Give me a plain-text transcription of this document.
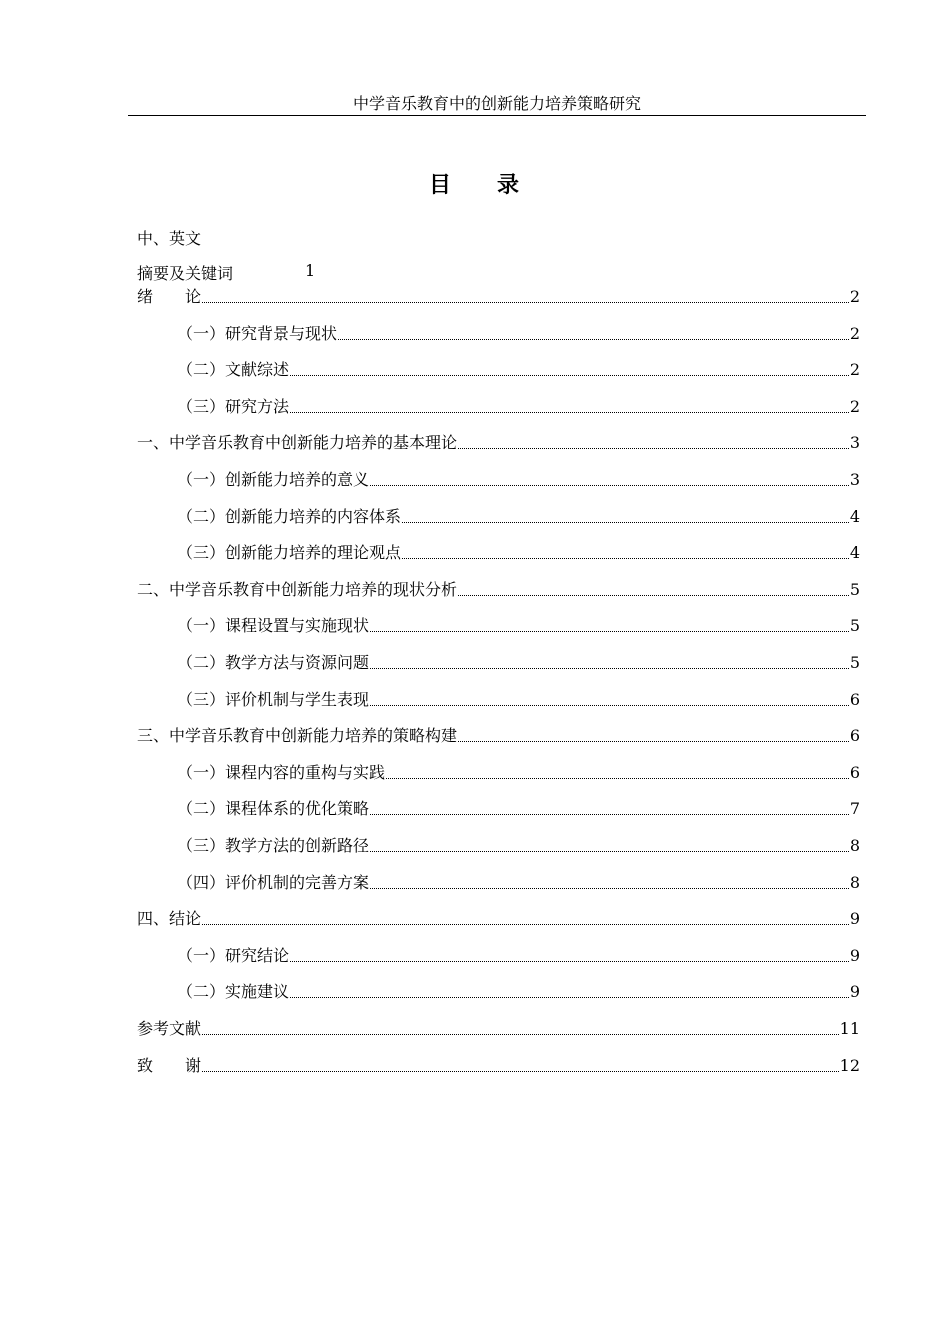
中学音乐教育中的创新能力培养策略研究
目 录
中、英文
摘要及关键词	1
绪　　论	2
（一）研究背景与现状	2
（二）文献综述	2
（三）研究方法	2
一、中学音乐教育中创新能力培养的基本理论	3
（一）创新能力培养的意义	3
（二）创新能力培养的内容体系	4
（三）创新能力培养的理论观点	4
二、中学音乐教育中创新能力培养的现状分析	5
（一）课程设置与实施现状	5
（二）教学方法与资源问题	5
（三）评价机制与学生表现	6
三、中学音乐教育中创新能力培养的策略构建	6
（一）课程内容的重构与实践	6
（二）课程体系的优化策略	7
（三）教学方法的创新路径	8
（四）评价机制的完善方案	8
四、结论	9
（一）研究结论	9
（二）实施建议	9
参考文献	11
致　　谢	12
